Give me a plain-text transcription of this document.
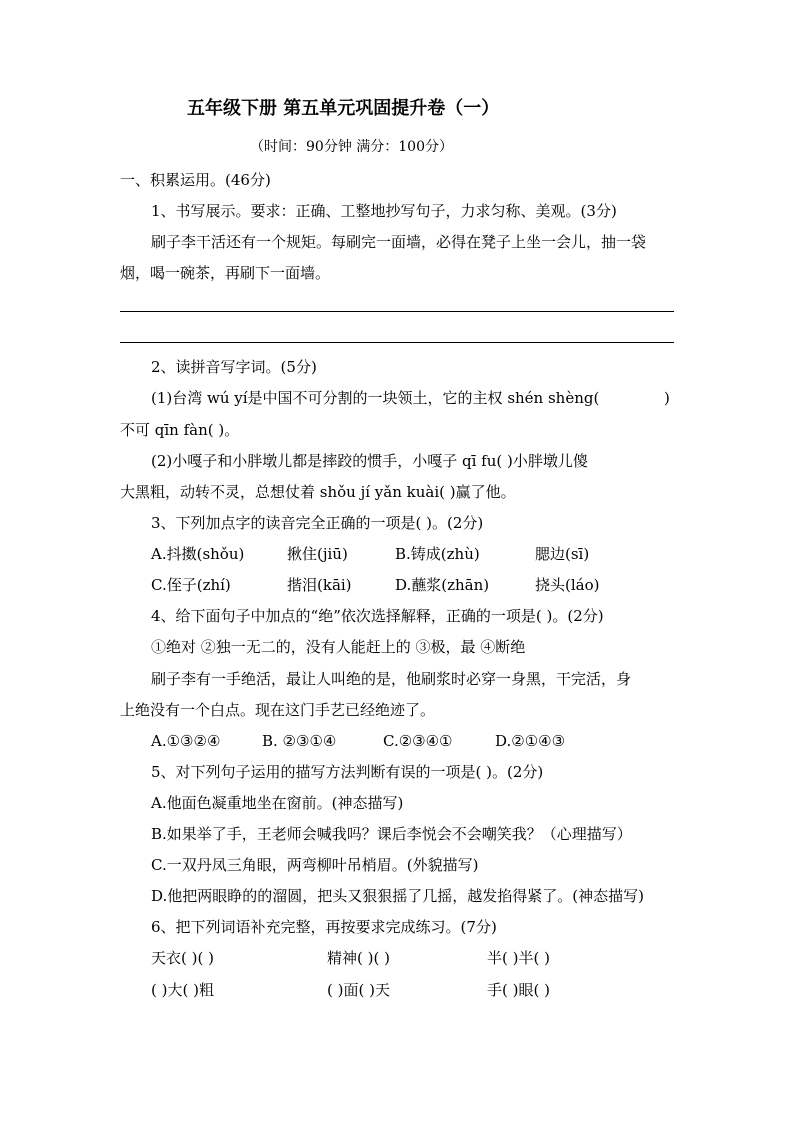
五年级下册 第五单元巩固提升卷（一）
（时间：90分钟 满分：100分）
一、积累运用。(46分)
1、书写展示。要求：正确、工整地抄写句子，力求匀称、美观。(3分)
刷子李干活还有一个规矩。每刷完一面墙，必得在凳子上坐一会儿，抽一袋
烟，喝一碗茶，再刷下一面墙。
2、读拼音写字词。(5分)
(1)台湾 wú yí是中国不可分割的一块领土，它的主权 shén shèng(	)
不可 qīn fàn( )。
(2)小嘎子和小胖墩儿都是摔跤的惯手，小嘎子 qī fu( )小胖墩儿傻
大黑粗，动转不灵，总想仗着 shǒu jí yǎn kuài( )赢了他。
3、下列加点字的读音完全正确的一项是( )。(2分)
A.抖擞(shǒu)	揪住(jiū)	B.铸成(zhù)	腮边(sī)
C.侄子(zhí)	揩泪(kāi)	D.蘸浆(zhān)	挠头(láo)
4、给下面句子中加点的“绝”依次选择解释，正确的一项是( )。(2分)
①绝对 ②独一无二的，没有人能赶上的 ③极，最 ④断绝
刷子李有一手绝活，最让人叫绝的是，他刷浆时必穿一身黑，干完活，身
上绝没有一个白点。现在这门手艺已经绝迹了。
A.①③②④	B. ②③①④	C.②③④①	D.②①④③
5、对下列句子运用的描写方法判断有误的一项是( )。(2分)
A.他面色凝重地坐在窗前。(神态描写)
B.如果举了手，王老师会喊我吗？课后李悦会不会嘲笑我？（心理描写）
C.一双丹凤三角眼，两弯柳叶吊梢眉。(外貌描写)
D.他把两眼睁的的溜圆，把头又狠狠摇了几摇，越发掐得紧了。(神态描写)
6、把下列词语补充完整，再按要求完成练习。(7分)
天衣( )( )	精神( )( )	半( )半( )
( )大( )粗	( )面( )天	手( )眼( )
